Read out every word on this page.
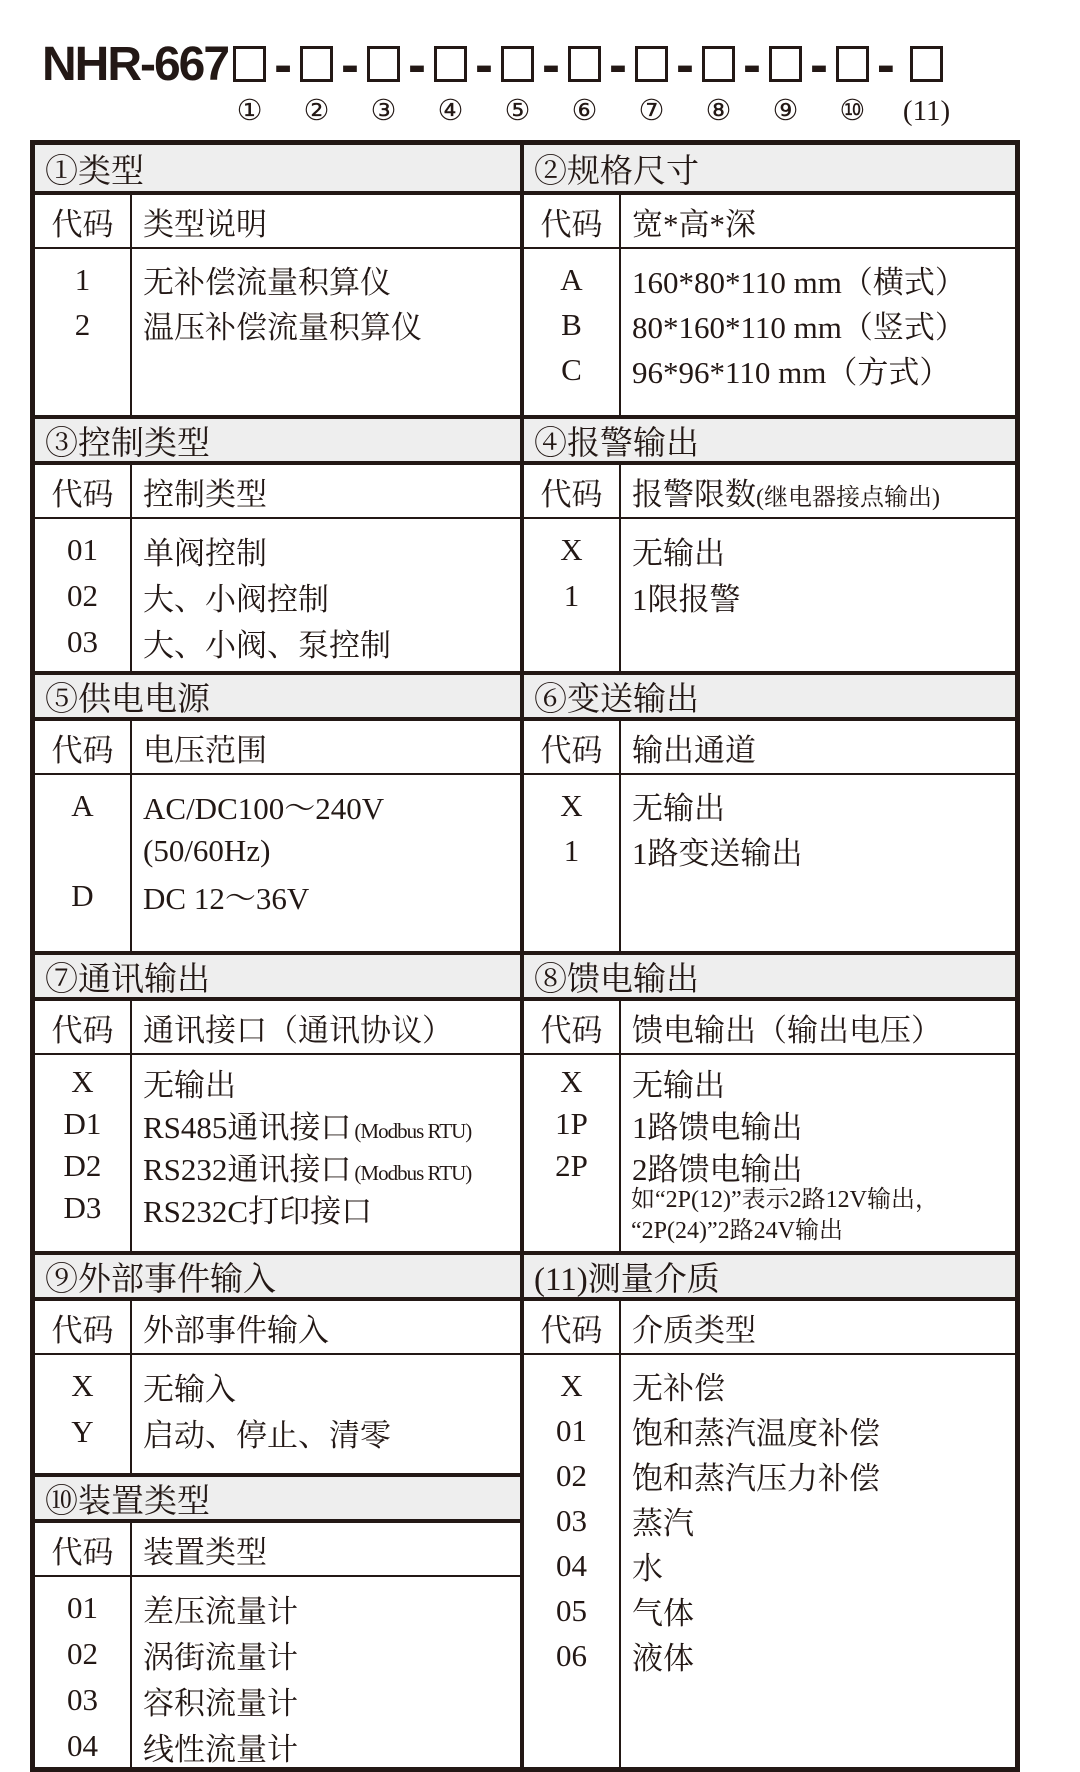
NHR-667
①
-
②
-
③
-
④
-
⑤
-
⑥
-
⑦
-
⑧
-
⑨
-
⑩
-
(11)
①类型	②规格尺寸
代码 类型说明
1	无补偿流量积算仪
2	温压补偿流量积算仪
代码 宽*高*深
A	160*80*110 mm（横式）
B	80*160*110 mm（竖式）
C	96*96*110 mm（方式）
③控制类型	④报警输出
代码 控制类型
01	单阀控制
02	大、小阀控制
03	大、小阀、泵控制
代码 报警限数(继电器接点输出)
X	无输出
1	1限报警
⑤供电电源	⑥变送输出
代码 电压范围
A	AC/DC100～240V
(50/60Hz)
D	DC 12～36V
代码 输出通道
X	无输出
1	1路变送输出
⑦通讯输出	⑧馈电输出
代码 通讯接口（通讯协议）
X	无输出
D1	RS485通讯接口 (Modbus RTU)
D2	RS232通讯接口 (Modbus RTU)
D3	RS232C打印接口
代码 馈电输出（输出电压）
X	无输出
1P	1路馈电输出
2P	2路馈电输出
如“2P(12)”表示2路12V输出，
“2P(24)”2路24V输出
⑨外部事件输入	(11)测量介质
代码 外部事件输入
X	无输入
Y	启动、停止、清零
⑩装置类型
代码 装置类型
01	差压流量计
02	涡街流量计
03	容积流量计
04	线性流量计
代码 介质类型
X	无补偿
01	饱和蒸汽温度补偿
02	饱和蒸汽压力补偿
03	蒸汽
04	水
05	气体
06	液体
